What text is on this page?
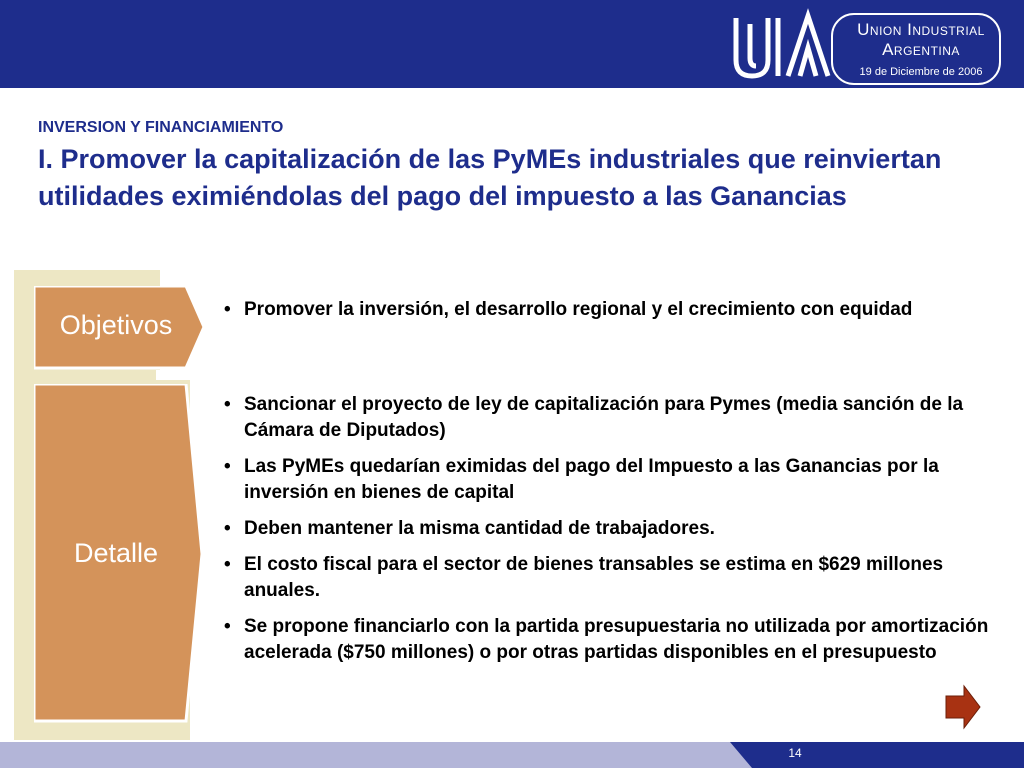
Union Industrial
Argentina
19 de Diciembre de 2006
INVERSION Y FINANCIAMIENTO
I. Promover la capitalización de las PyMEs industriales que reinviertan utilidades eximiéndolas del pago del impuesto a las Ganancias
Objetivos
Detalle
• Promover la inversión, el desarrollo regional y el crecimiento con equidad
• Sancionar el proyecto de ley de capitalización para Pymes (media sanción de la Cámara de Diputados)
• Las PyMEs quedarían eximidas del pago del Impuesto a las Ganancias por la inversión en bienes de capital
• Deben mantener la misma cantidad de trabajadores.
• El costo fiscal para el sector de bienes transables se estima en $629 millones anuales.
• Se propone financiarlo con la partida presupuestaria no utilizada por amortización acelerada ($750 millones) o por otras partidas disponibles en el presupuesto
14
